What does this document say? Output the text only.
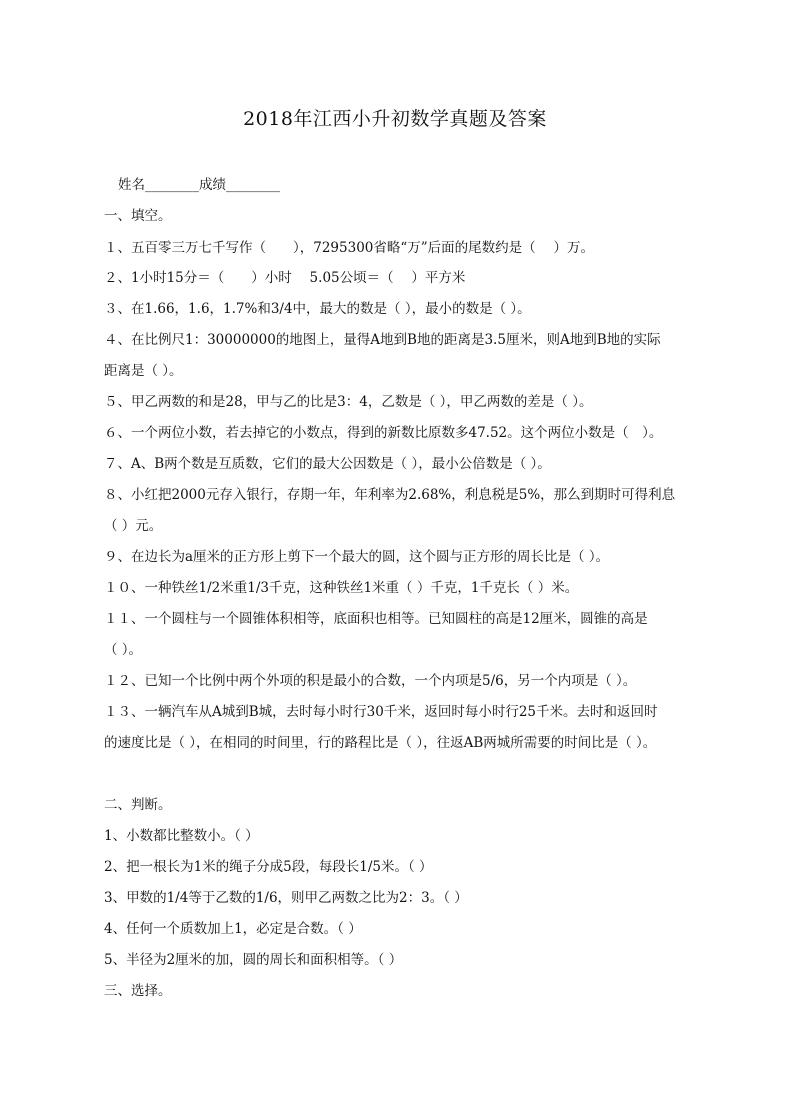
2018年江西小升初数学真题及答案
姓名________成绩________
一、填空。
１、五百零三万七千写作（　　），7295300省略“万”后面的尾数约是（　 ）万。
２、1小时15分＝（　　）小时　 5.05公顷＝（　 ）平方米
３、在1.66，1.6，1.7%和3/4中，最大的数是（ ），最小的数是（ ）。
４、在比例尺1：30000000的地图上，量得A地到B地的距离是3.5厘米，则A地到B地的实际
距离是（ ）。
５、甲乙两数的和是28，甲与乙的比是3：4，乙数是（ ），甲乙两数的差是（ ）。
６、一个两位小数，若去掉它的小数点，得到的新数比原数多47.52。这个两位小数是（　）。
７、A、B两个数是互质数，它们的最大公因数是（ ），最小公倍数是（ ）。
８、小红把2000元存入银行，存期一年，年利率为2.68%，利息税是5%，那么到期时可得利息
（ ）元。
９、在边长为a厘米的正方形上剪下一个最大的圆，这个圆与正方形的周长比是（ ）。
１０、一种铁丝1/2米重1/3千克，这种铁丝1米重（ ）千克，1千克长（ ）米。
１１、一个圆柱与一个圆锥体积相等，底面积也相等。已知圆柱的高是12厘米，圆锥的高是
（ ）。
１２、已知一个比例中两个外项的积是最小的合数，一个内项是5/6，另一个内项是（ ）。
１３、一辆汽车从A城到B城，去时每小时行30千米，返回时每小时行25千米。去时和返回时
的速度比是（ ），在相同的时间里，行的路程比是（ ），往返AB两城所需要的时间比是（ ）。
二、判断。
1、小数都比整数小。（ ）
2、把一根长为1米的绳子分成5段，每段长1/5米。（ ）
3、甲数的1/4等于乙数的1/6，则甲乙两数之比为2：3。（ ）
4、任何一个质数加上1，必定是合数。（ ）
5、半径为2厘米的加，圆的周长和面积相等。（ ）
三、选择。
